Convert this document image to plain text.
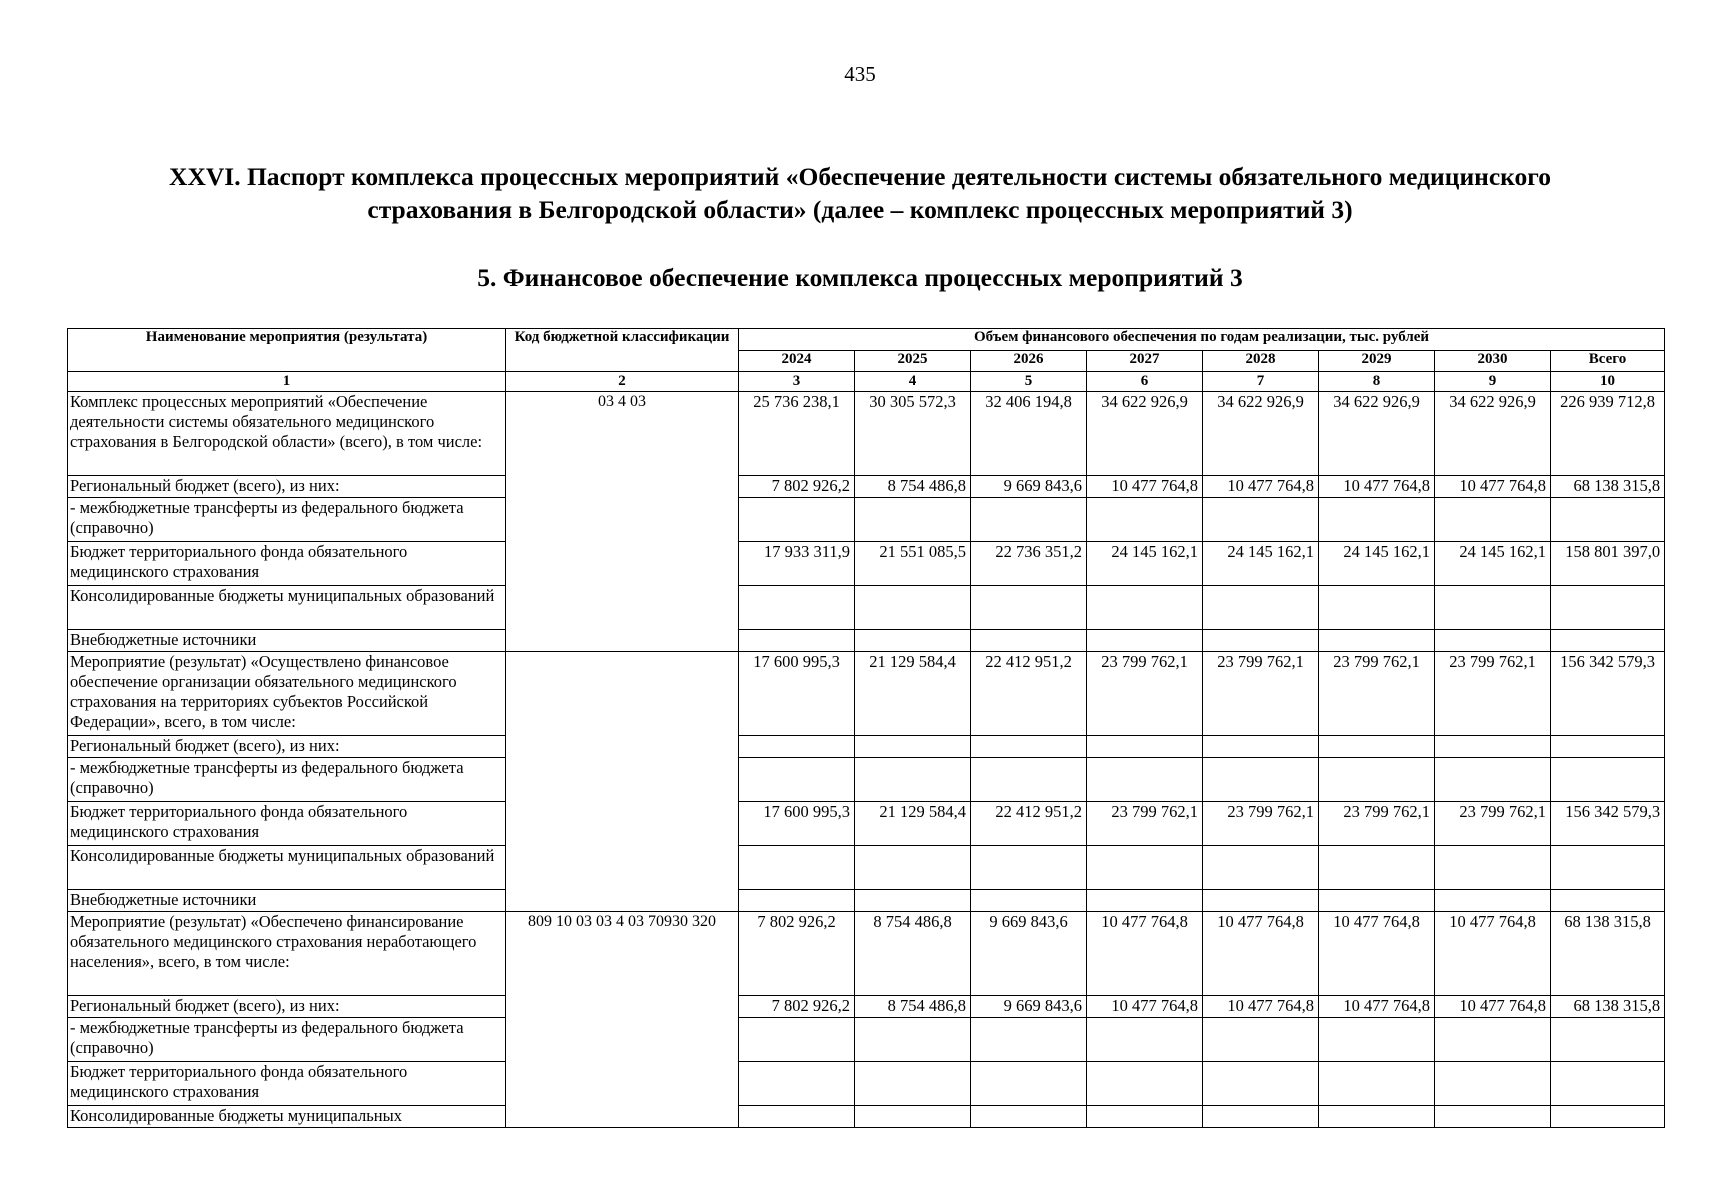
435
XXVI. Паспорт комплекса процессных мероприятий «Обеспечение деятельности системы обязательного медицинского страхования в Белгородской области» (далее – комплекс процессных мероприятий 3)
5. Финансовое обеспечение комплекса процессных мероприятий 3
Наименование мероприятия (результата)	Код бюджетной классификации	Объем финансового обеспечения по годам реализации, тыс. рублей							
		2024	2025	2026	2027	2028	2029	2030	Всего
1	2	3	4	5	6	7	8	9	10
Комплекс процессных мероприятий «Обеспечение деятельности системы обязательного медицинского страхования в Белгородской области» (всего), в том числе:	03 4 03	25 736 238,1	30 305 572,3	32 406 194,8	34 622 926,9	34 622 926,9	34 622 926,9	34 622 926,9	226 939 712,8
Региональный бюджет (всего), из них:		7 802 926,2	8 754 486,8	9 669 843,6	10 477 764,8	10 477 764,8	10 477 764,8	10 477 764,8	68 138 315,8
- межбюджетные трансферты из федерального бюджета (справочно)									
Бюджет территориального фонда обязательного медицинского страхования		17 933 311,9	21 551 085,5	22 736 351,2	24 145 162,1	24 145 162,1	24 145 162,1	24 145 162,1	158 801 397,0
Консолидированные бюджеты муниципальных образований									
Внебюджетные источники									
Мероприятие (результат) «Осуществлено финансовое обеспечение организации обязательного медицинского страхования на территориях субъектов Российской Федерации», всего, в том числе:		17 600 995,3	21 129 584,4	22 412 951,2	23 799 762,1	23 799 762,1	23 799 762,1	23 799 762,1	156 342 579,3
Региональный бюджет (всего), из них:									
- межбюджетные трансферты из федерального бюджета (справочно)									
Бюджет территориального фонда обязательного медицинского страхования		17 600 995,3	21 129 584,4	22 412 951,2	23 799 762,1	23 799 762,1	23 799 762,1	23 799 762,1	156 342 579,3
Консолидированные бюджеты муниципальных образований									
Внебюджетные источники									
Мероприятие (результат) «Обеспечено финансирование обязательного медицинского страхования неработающего населения», всего, в том числе:	809 10 03 03 4 03 70930 320	7 802 926,2	8 754 486,8	9 669 843,6	10 477 764,8	10 477 764,8	10 477 764,8	10 477 764,8	68 138 315,8
Региональный бюджет (всего), из них:		7 802 926,2	8 754 486,8	9 669 843,6	10 477 764,8	10 477 764,8	10 477 764,8	10 477 764,8	68 138 315,8
- межбюджетные трансферты из федерального бюджета (справочно)									
Бюджет территориального фонда обязательного медицинского страхования									
Консолидированные бюджеты муниципальных									
